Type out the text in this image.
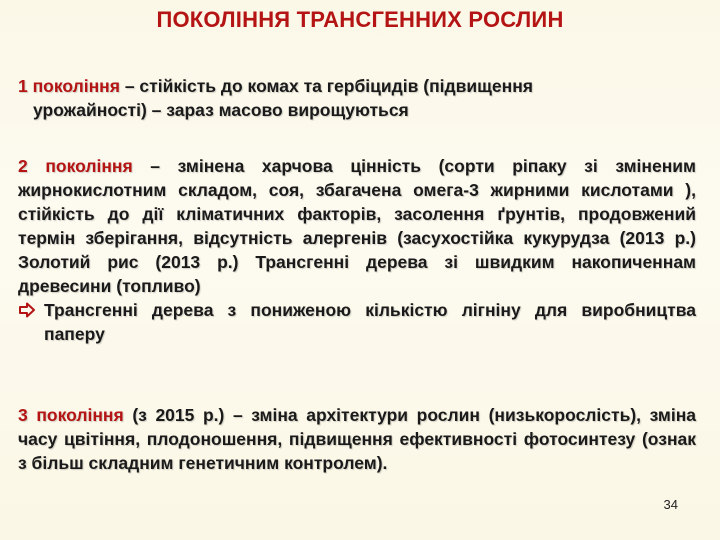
ПОКОЛІННЯ ТРАНСГЕННИХ РОСЛИН
1 покоління – стійкість до комах та гербіцидів (підвищення
урожайності) – зараз масово вирощуються
2 покоління – змінена харчова цінність (сорти ріпаку зі зміненим жирнокислотним складом, соя, збагачена омега-3 жирними кислотами ), стійкість до дії кліматичних факторів, засолення ґрунтів, продовжений термін зберігання, відсутність алергенів (засухостійка кукурудза (2013 р.) Золотий рис (2013 р.) Трансгенні дерева зі швидким накопиченнам древесини (топливо)
Трансгенні дерева з пониженою кількістю лігніну для виробництва паперу
3 покоління (з 2015 р.) – зміна архітектури рослин (низькорослість), зміна часу цвітіння, плодоношення, підвищення ефективності фотосинтезу (ознак з більш складним генетичним контролем).
34
